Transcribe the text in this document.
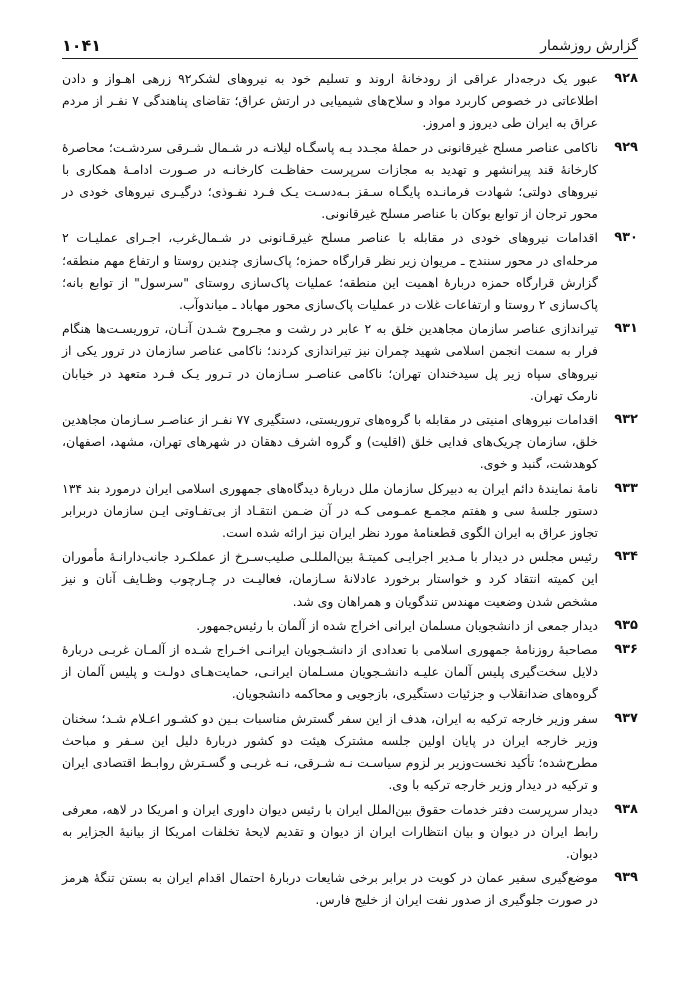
گزارش روزشمار
۱۰۴۱
۹۲۸
عبور یک درجه‌دار عراقی از رودخانهٔ اروند و تسلیم خود به نیروهای لشکر۹۲ زرهی اهـواز و دادن اطلاعاتی در خصوص کاربرد مواد و سلاح‌های شیمیایی در ارتش عراق؛ تقاضای پناهندگی ۷ نفـر از مردم عراق به ایران طی دیروز و امروز.
۹۲۹
ناکامی عناصر مسلح غیرقانونی در حملهٔ مجـدد بـه پاسگـاه لیلانـه در شـمال شـرقی سردشـت؛ محاصرهٔ کارخانهٔ قند پیرانشهر و تهدید به مجازات سرپرست حفاظـت کارخانـه در صـورت ادامـهٔ همکاری با نیروهای دولتی؛ شهادت فرمانـده پایگـاه سـقز بـه‌دسـت یـک فـرد نفـوذی؛ درگیـری نیروهای خودی در محور ترجان از توابع بوکان با عناصر مسلح غیرقانونی.
۹۳۰
اقدامات نیروهای خودی در مقابله با عناصر مسلح غیرقـانونی در شـمال‌غرب، اجـرای عملیـات ۲ مرحله‌ای در محور سنندج ـ مریوان زیر نظر قرارگاه حمزه؛ پاک‌سازی چندین روستا و ارتفاع مهم منطقه؛ گزارش قرارگاه حمزه دربارهٔ اهمیت این منطقه؛ عملیات پاک‌سازی روستای "سرسول" از توابع بانه؛ پاک‌سازی ۲ روستا و ارتفاعات غلات در عملیات پاک‌سازی محور مهاباد ـ میاندوآب.
۹۳۱
تیراندازی عناصر سازمان مجاهدین خلق به ۲ عابر در رشت و مجـروح شـدن آنـان، تروریسـت‌ها هنگام فرار به سمت انجمن اسلامی شهید چمران نیز تیراندازی کردند؛ ناکامی عناصر سازمان در ترور یکی از نیروهای سپاه زیر پل سیدخندان تهران؛ ناکامی عناصـر سـازمان در تـرور یـک فـرد متعهد در خیابان نارمک تهران.
۹۳۲
اقدامات نیروهای امنیتی در مقابله با گروه‌های تروریستی، دستگیری ۷۷ نفـر از عناصـر سـازمان مجاهدین خلق، سازمان چریک‌های فدایی خلق (اقلیت) و گروه اشرف دهقان در شهرهای تهران، مشهد، اصفهان، کوهدشت، گنبد و خوی.
۹۳۳
نامهٔ نمایندهٔ دائم ایران به دبیرکل سازمان ملل دربارهٔ دیدگاه‌های جمهوری اسلامی ایران درمورد بند ۱۳۴ دستور جلسهٔ سی و هفتم مجمـع عمـومی کـه در آن ضـمن انتقـاد از بی‌تفـاوتی ایـن سازمان دربرابر تجاوز عراق به ایران الگوی قطعنامهٔ مورد نظر ایران نیز ارائه شده است.
۹۳۴
رئیس مجلس در دیدار با مـدیر اجرایـی کمیتـهٔ بین‌المللـی صلیب‌سـرخ از عملکـرد جانب‌دارانـهٔ مأموران این کمیته انتقاد کرد و خواستار برخورد عادلانهٔ سـازمان، فعالیـت در چـارچوب وظـایف آنان و نیز مشخص شدن وضعیت مهندس تندگویان و همراهان وی شد.
۹۳۵
دیدار جمعی از دانشجویان مسلمان ایرانی اخراج شده از آلمان با رئیس‌جمهور.
۹۳۶
مصاحبهٔ روزنامهٔ جمهوری اسلامی با تعدادی از دانشـجویان ایرانـی اخـراج شـده از آلمـان غربـی دربارهٔ دلایل سخت‌گیری پلیس آلمان علیـه دانشـجویان مسـلمان ایرانـی، حمایت‌هـای دولـت و پلیس آلمان از گروه‌های ضدانقلاب و جزئیات دستگیری، بازجویی و محاکمه دانشجویان.
۹۳۷
سفر وزیر خارجه ترکیه به ایران، هدف از این سفر گسترش مناسبات بـین دو کشـور اعـلام شـد؛ سخنان وزیر خارجه ایران در پایان اولین جلسه مشترک هیئت دو کشور دربارهٔ دلیل این سـفر و مباحث مطرح‌شده؛ تأکید نخست‌وزیر بر لزوم سیاسـت نـه شـرقی، نـه غربـی و گسـترش روابـط اقتصادی ایران و ترکیه در دیدار وزیر خارجه ترکیه با وی.
۹۳۸
دیدار سرپرست دفتر خدمات حقوق بین‌الملل ایران با رئیس دیوان داوری ایران و امریکا در لاهه، معرفی رابط ایران در دیوان و بیان انتظارات ایران از دیوان و تقدیم لایحهٔ تخلفات امریکا از بیانیهٔ الجزایر به دیوان.
۹۳۹
موضع‌گیری سفیر عمان در کویت در برابر برخی شایعات دربارهٔ احتمال اقدام ایران به بستن تنگهٔ هرمز در صورت جلوگیری از صدور نفت ایران از خلیج فارس.
